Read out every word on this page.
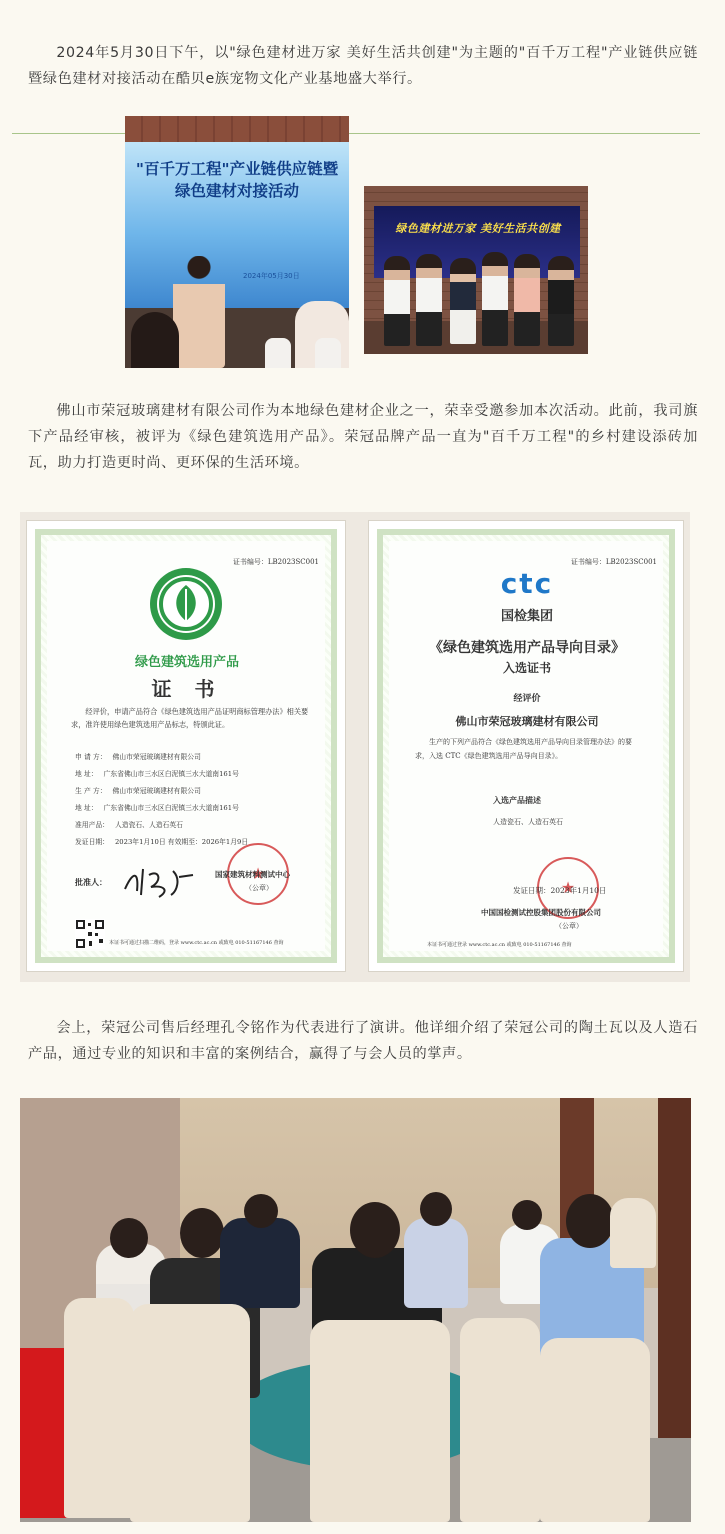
2024年5月30日下午，以"绿色建材进万家 美好生活共创建"为主题的"百千万工程"产业链供应链暨绿色建材对接活动在酷贝e族宠物文化产业基地盛大举行。

"百千万工程"产业链供应链暨
绿色建材对接活动
2024年05月30日
绿色建材进万家 美好生活共创建

佛山市荣冠玻璃建材有限公司作为本地绿色建材企业之一，荣幸受邀参加本次活动。此前，我司旗下产品经审核，被评为《绿色建筑选用产品》。荣冠品牌产品一直为"百千万工程"的乡村建设添砖加瓦，助力打造更时尚、更环保的生活环境。

证书编号：LB2023SC001
绿色建筑选用产品
证 书
经评价，申请产品符合《绿色建筑选用产品证明商标管理办法》相关要求，准许使用绿色建筑选用产品标志，特颁此证。
申 请 方： 佛山市荣冠玻璃建材有限公司
地 址： 广东省佛山市三水区白泥镇三水大道南161号
生 产 方： 佛山市荣冠玻璃建材有限公司
地 址： 广东省佛山市三水区白泥镇三水大道南161号
准用产品： 人造瓷石、人造石英石
发证日期： 2023年1月10日 有效期至：2026年1月9日
批准人：
★
国家建筑材料测试中心
（公章）
本证书可通过扫描二维码，登录 www.ctc.ac.cn 或致电 010-51167146 查询
证书编号：LB2023SC001
ctc
国检集团
《绿色建筑选用产品导向目录》
入选证书
经评价
佛山市荣冠玻璃建材有限公司
生产的下列产品符合《绿色建筑选用产品导向目录管理办法》的要求，入选 CTC《绿色建筑选用产品导向目录》。
入选产品描述
人造瓷石、人造石英石
★
发证日期：2023年1月10日
中国国检测试控股集团股份有限公司
（公章）
本证书可通过登录 www.ctc.ac.cn 或致电 010-51167146 查询

会上，荣冠公司售后经理孔令铭作为代表进行了演讲。他详细介绍了荣冠公司的陶土瓦以及人造石产品，通过专业的知识和丰富的案例结合，赢得了与会人员的掌声。
